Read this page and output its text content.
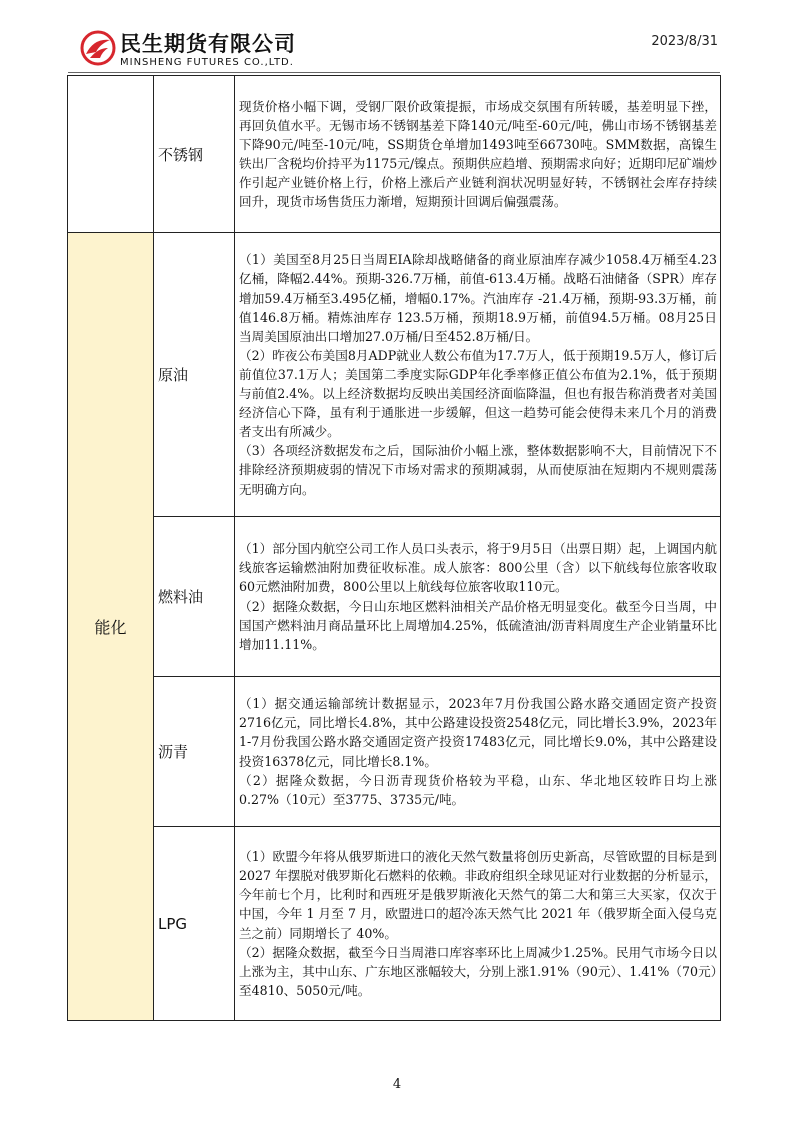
民生期货有限公司
MINSHENG FUTURES CO.,LTD.
2023/8/31
	不锈钢	现货价格小幅下调，受钢厂限价政策提振，市场成交氛围有所转暖，基差明显下挫，再回负值水平。无锡市场不锈钢基差下降140元/吨至-60元/吨，佛山市场不锈钢基差下降90元/吨至-10元/吨，SS期货仓单增加1493吨至66730吨。SMM数据，高镍生铁出厂含税均价持平为1175元/镍点。预期供应趋增、预期需求向好；近期印尼矿端炒作引起产业链价格上行，价格上涨后产业链利润状况明显好转，不锈钢社会库存持续回升，现货市场售货压力渐增，短期预计回调后偏强震荡。

能化	原油	（1）美国至8月25日当周EIA除却战略储备的商业原油库存减少1058.4万桶至4.23亿桶，降幅2.44%。预期-326.7万桶，前值-613.4万桶。战略石油储备（SPR）库存增加59.4万桶至3.495亿桶，增幅0.17%。汽油库存 -21.4万桶，预期-93.3万桶，前值146.8万桶。精炼油库存 123.5万桶，预期18.9万桶，前值94.5万桶。08月25日当周美国原油出口增加27.0万桶/日至452.8万桶/日。

（2）昨夜公布美国8月ADP就业人数公布值为17.7万人，低于预期19.5万人，修订后前值位37.1万人；美国第二季度实际GDP年化季率修正值公布值为2.1%，低于预期与前值2.4%。以上经济数据均反映出美国经济面临降温，但也有报告称消费者对美国经济信心下降，虽有利于通胀进一步缓解，但这一趋势可能会使得未来几个月的消费者支出有所减少。

（3）各项经济数据发布之后，国际油价小幅上涨，整体数据影响不大，目前情况下不排除经济预期疲弱的情况下市场对需求的预期减弱，从而使原油在短期内不规则震荡无明确方向。

	燃料油	（1）部分国内航空公司工作人员口头表示，将于9月5日（出票日期）起，上调国内航线旅客运输燃油附加费征收标准。成人旅客：800公里（含）以下航线每位旅客收取60元燃油附加费，800公里以上航线每位旅客收取110元。

（2）据隆众数据，今日山东地区燃料油相关产品价格无明显变化。截至今日当周，中国国产燃料油月商品量环比上周增加4.25%，低硫渣油/沥青料周度生产企业销量环比增加11.11%。

	沥青	（1）据交通运输部统计数据显示，2023年7月份我国公路水路交通固定资产投资2716亿元，同比增长4.8%，其中公路建设投资2548亿元，同比增长3.9%，2023年1-7月份我国公路水路交通固定资产投资17483亿元，同比增长9.0%，其中公路建设投资16378亿元，同比增长8.1%。

（2）据隆众数据，今日沥青现货价格较为平稳，山东、华北地区较昨日均上涨0.27%（10元）至3775、3735元/吨。

	LPG	（1）欧盟今年将从俄罗斯进口的液化天然气数量将创历史新高，尽管欧盟的目标是到 2027 年摆脱对俄罗斯化石燃料的依赖。非政府组织全球见证对行业数据的分析显示，今年前七个月，比利时和西班牙是俄罗斯液化天然气的第二大和第三大买家，仅次于中国，今年 1 月至 7 月，欧盟进口的超冷冻天然气比 2021 年（俄罗斯全面入侵乌克兰之前）同期增长了 40%。

（2）据隆众数据，截至今日当周港口库容率环比上周减少1.25%。民用气市场今日以上涨为主，其中山东、广东地区涨幅较大，分别上涨1.91%（90元）、1.41%（70元）至4810、5050元/吨。

4
